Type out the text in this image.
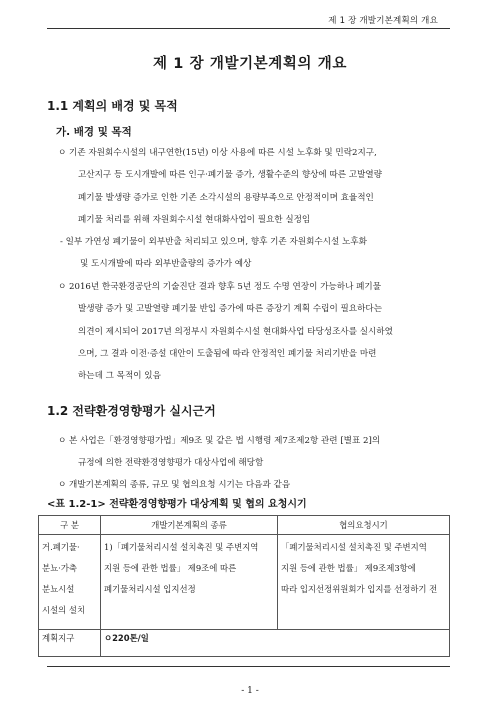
제 1 장 개발기본계획의 개요
제 1 장 개발기본계획의 개요
1.1 계획의 배경 및 목적
가. 배경 및 목적
ㅇ 기존 자원회수시설의 내구연한(15년) 이상 사용에 따른 시설 노후화 및 민락2지구,
고산지구 등 도시개발에 따른 인구·폐기물 증가, 생활수준의 향상에 따른 고발열량
폐기물 발생량 증가로 인한 기존 소각시설의 용량부족으로 안정적이며 효율적인
폐기물 처리를 위해 자원회수시설 현대화사업이 필요한 실정임
- 일부 가연성 폐기물이 외부반출 처리되고 있으며, 향후 기존 자원회수시설 노후화
및 도시개발에 따라 외부반출량의 증가가 예상
ㅇ 2016년 한국환경공단의 기술진단 결과 향후 5년 정도 수명 연장이 가능하나 폐기물
발생량 증가 및 고발열량 폐기물 반입 증가에 따른 증장기 계획 수립이 필요하다는
의견이 제시되어 2017년 의정부시 자원회수시설 현대화사업 타당성조사를 실시하였
으며, 그 결과 이전·증설 대안이 도출됨에 따라 안정적인 폐기물 처리기반을 마련
하는데 그 목적이 있음
1.2 전략환경영향평가 실시근거
ㅇ 본 사업은「환경영향평가법」제9조 및 같은 법 시행령 제7조제2항 관련 [별표 2]의
규정에 의한 전략환경영향평가 대상사업에 해당함
ㅇ 개발기본계획의 종류, 규모 및 협의요청 시기는 다음과 같음
<표 1.2-1> 전략환경영향평가 대상계획 및 협의 요청시기
구 분	개발기본계획의 종류	협의요청시기

거.폐기물·
분뇨·가축
분뇨시설
시설의 설치	1)「폐기물처리시설 설치촉진 및 주변지역
지원 등에 관한 법률」 제9조에 따른
폐기물처리시설 입지선정	「폐기물처리시설 설치촉진 및 주변지역
지원 등에 관한 법률」 제9조제3항에
따라 입지선정위원회가 입지를 선정하기 전

계획지구	ㅇ220톤/일	
- 1 -
